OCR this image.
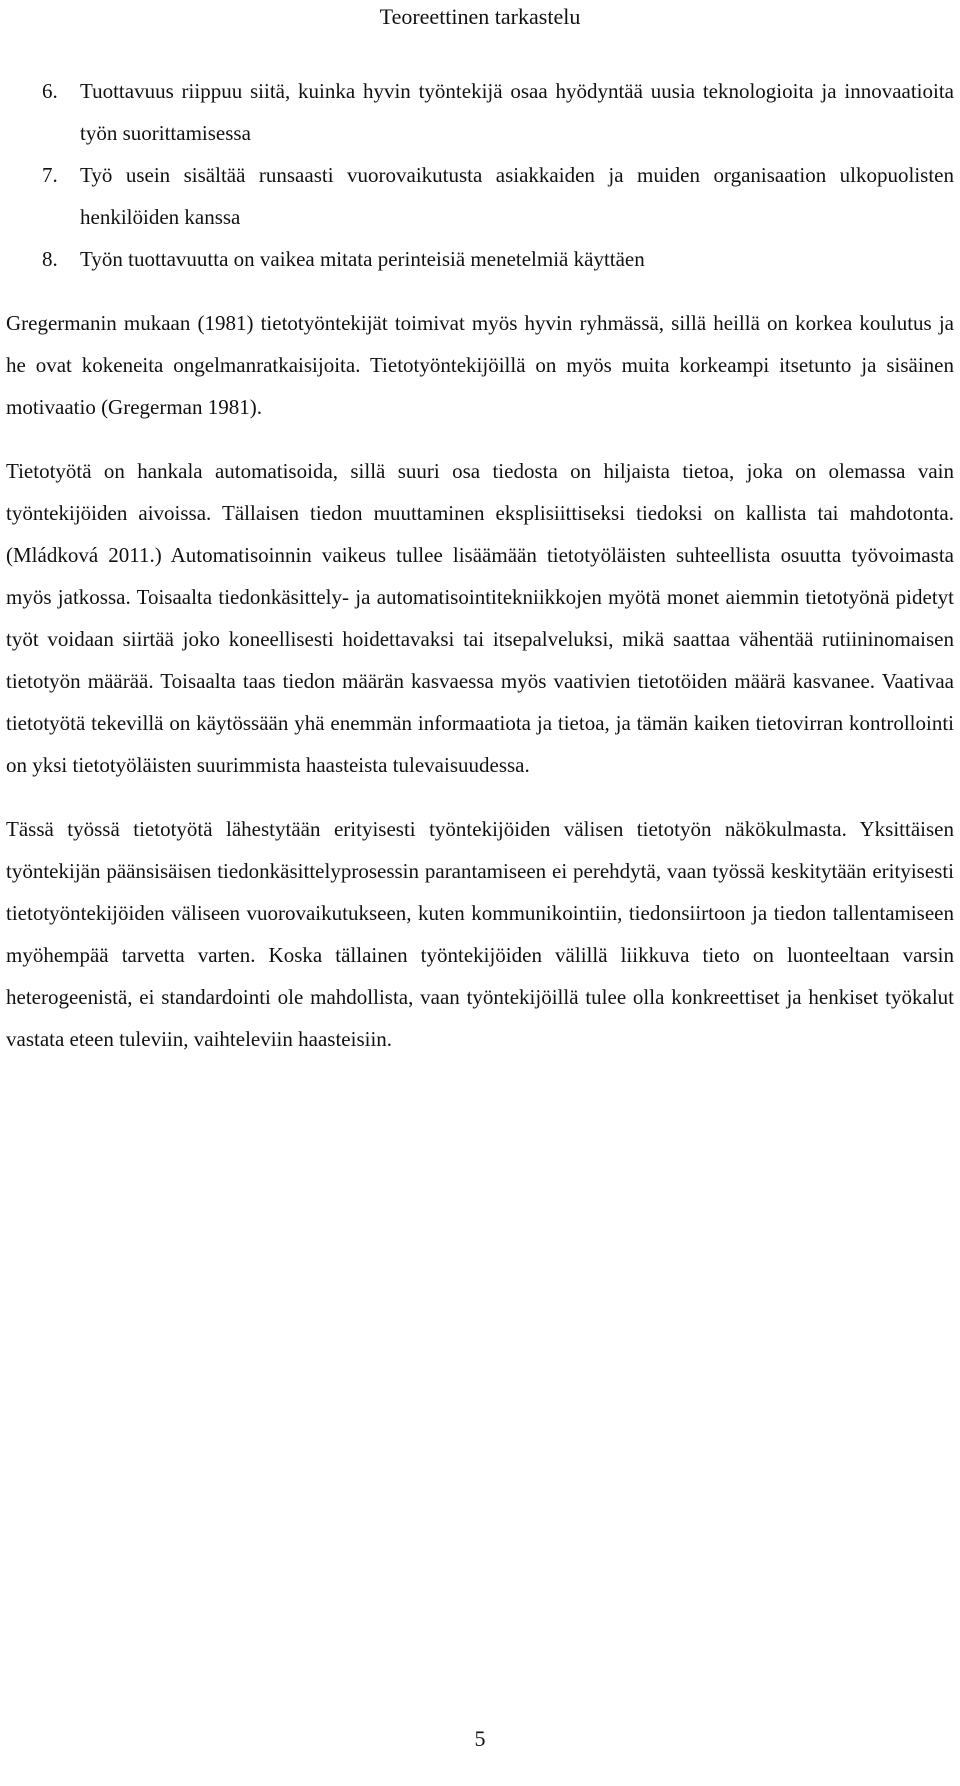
Teoreettinen tarkastelu
6. Tuottavuus riippuu siitä, kuinka hyvin työntekijä osaa hyödyntää uusia teknologioita ja innovaatioita työn suorittamisessa
7. Työ usein sisältää runsaasti vuorovaikutusta asiakkaiden ja muiden organisaation ulkopuolisten henkilöiden kanssa
8. Työn tuottavuutta on vaikea mitata perinteisiä menetelmiä käyttäen

Gregermanin mukaan (1981) tietotyöntekijät toimivat myös hyvin ryhmässä, sillä heillä on korkea koulutus ja he ovat kokeneita ongelmanratkaisijoita. Tietotyöntekijöillä on myös muita korkeampi itsetunto ja sisäinen motivaatio (Gregerman 1981).

Tietotyötä on hankala automatisoida, sillä suuri osa tiedosta on hiljaista tietoa, joka on olemassa vain työntekijöiden aivoissa. Tällaisen tiedon muuttaminen eksplisiittiseksi tiedoksi on kallista tai mahdotonta. (Mládková 2011.) Automatisoinnin vaikeus tullee lisäämään tietotyöläisten suhteellista osuutta työvoimasta myös jatkossa. Toisaalta tiedonkäsittely- ja automatisointitekniikkojen myötä monet aiemmin tietotyönä pidetyt työt voidaan siirtää joko koneellisesti hoidettavaksi tai itsepalveluksi, mikä saattaa vähentää rutiininomaisen tietotyön määrää. Toisaalta taas tiedon määrän kasvaessa myös vaativien tietotöiden määrä kasvanee. Vaativaa tietotyötä tekevillä on käytössään yhä enemmän informaatiota ja tietoa, ja tämän kaiken tietovirran kontrollointi on yksi tietotyöläisten suurimmista haasteista tulevaisuudessa.

Tässä työssä tietotyötä lähestytään erityisesti työntekijöiden välisen tietotyön näkökulmasta. Yksittäisen työntekijän päänsisäisen tiedonkäsittelyprosessin parantamiseen ei perehdytä, vaan työssä keskitytään erityisesti tietotyöntekijöiden väliseen vuorovaikutukseen, kuten kommunikointiin, tiedonsiirtoon ja tiedon tallentamiseen myöhempää tarvetta varten. Koska tällainen työntekijöiden välillä liikkuva tieto on luonteeltaan varsin heterogeenistä, ei standardointi ole mahdollista, vaan työntekijöillä tulee olla konkreettiset ja henkiset työkalut vastata eteen tuleviin, vaihteleviin haasteisiin.

5
